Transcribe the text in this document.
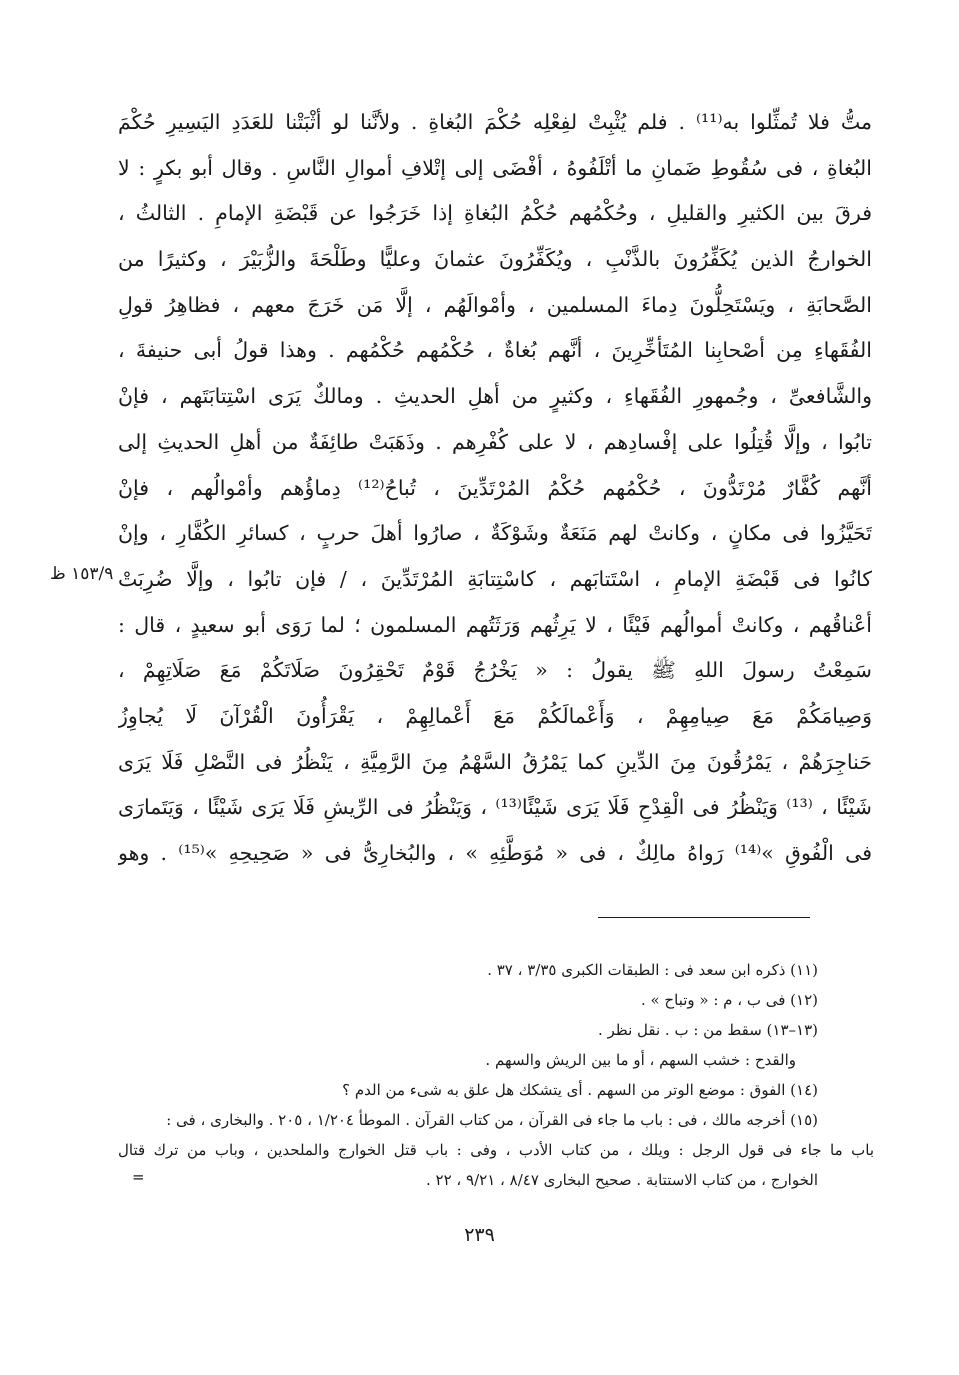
متُّ فلا تُمثِّلوا به⁽¹¹⁾ . فلم يُثْبِتْ لفِعْلِه حُكْمَ البُغاةِ . ولأنَّنا لو أثْبَتْنا للعَدَدِ اليَسِيرِ حُكْمَ
البُغاةِ ، فى سُقُوطِ ضَمانِ ما أتْلَفُوهُ ، أفْضَى إلى إتْلافِ أموالِ النَّاسِ . وقال أبو بكرٍ : لا
فرقَ بين الكثيرِ والقليلِ ، وحُكْمُهم حُكْمُ البُغاةِ إذا خَرَجُوا عن قَبْضَةِ الإمامِ . الثالثُ ،
الخوارجُ الذين يُكَفِّرُونَ بالذَّنْبِ ، ويُكَفِّرُونَ عثمانَ وعليًّا وطَلْحَةَ والزُّبَيْرَ ، وكثيرًا من
الصَّحابَةِ ، ويَسْتَحِلُّونَ دِماءَ المسلمين ، وأمْوالَهُم ، إلَّا مَن خَرَجَ معهم ، فظاهِرُ قولِ
الفُقَهاءِ مِن أصْحابِنا المُتَأخِّرِينَ ، أنَّهم بُغاةٌ ، حُكْمُهم حُكْمُهم . وهذا قولُ أبى حنيفةَ ،
والشَّافعىِّ ، وجُمهورِ الفُقَهاءِ ، وكثيرٍ من أهلِ الحديثِ . ومالكٌ يَرَى اسْتِتابَتَهم ، فإنْ
تابُوا ، وإلَّا قُتِلُوا على إفْسادِهم ، لا على كُفْرِهم . وذَهَبَتْ طائِفَةٌ من أهلِ الحديثِ إلى
أنَّهم كُفَّارٌ مُرْتَدُّونَ ، حُكْمُهم حُكْمُ المُرْتَدِّينَ ، تُباحُ⁽¹²⁾ دِماؤُهم وأمْوالُهم ، فإنْ
تَحَيَّزُوا فى مكانٍ ، وكانتْ لهم مَنَعَةٌ وشَوْكَةٌ ، صارُوا أهلَ حربٍ ، كسائرِ الكُفَّارِ ، وإنْ
كانُوا فى قَبْضَةِ الإمامِ ، اسْتَتابَهم ، كاسْتِتابَةِ المُرْتَدِّينَ ، / فإن تابُوا ، وإلَّا ضُرِبَتْ
أعْناقُهم ، وكانتْ أموالُهم فَيْئًا ، لا يَرِثُهم وَرَثَتُهم المسلمون ؛ لما رَوَى أبو سعيدٍ ، قال :
سَمِعْتُ رسولَ اللهِ ﷺ يقولُ : « يَخْرُجُ قَوْمٌ تَحْقِرُونَ صَلَاتَكُمْ مَعَ صَلَاتِهِمْ ،
وَصِيامَكُمْ مَعَ صِيامِهِمْ ، وَأَعْمالَكُمْ مَعَ أَعْمالِهِمْ ، يَقْرَأُونَ الْقُرْآنَ لَا يُجاوِزُ
حَناجِرَهُمْ ، يَمْرُقُونَ مِنَ الدِّينِ كما يَمْرُقُ السَّهْمُ مِنَ الرَّمِيَّةِ ، يَنْظُرُ فى النَّصْلِ فَلَا يَرَى
شَيْئًا ، ⁽¹³⁾ وَيَنْظُرُ فى الْقِدْحِ فَلَا يَرَى شَيْئًا⁽¹³⁾ ، وَيَنْظُرُ فى الرِّيشِ فَلَا يَرَى شَيْئًا ، وَيَتَمارَى
فى الْفُوقِ »⁽¹⁴⁾ رَواهُ مالِكٌ ، فى « مُوَطَّئِهِ » ، والبُخارِىُّ فى « صَحِيحِهِ »⁽¹⁵⁾ . وهو
١٥٣/٩ ظ
(١١) ذكره ابن سعد فى : الطبقات الكبرى ٣/٣٥ ، ٣٧ .
(١٢) فى ب ، م : « وتباح » .
(١٣–١٣) سقط من : ب . نقل نظر .
والقدح : خشب السهم ، أو ما بين الريش والسهم .
(١٤) الفوق : موضع الوتر من السهم . أى يتشكك هل علق به شىء من الدم ؟
(١٥) أخرجه مالك ، فى : باب ما جاء فى القرآن ، من كتاب القرآن . الموطأ ١/٢٠٤ ، ٢٠٥ . والبخارى ، فى :
باب ما جاء فى قول الرجل : ويلك ، من كتاب الأدب ، وفى : باب قتل الخوارج والملحدين ، وباب من ترك قتال
الخوارج ، من كتاب الاستتابة . صحيح البخارى ٨/٤٧ ، ٩/٢١ ، ٢٢ .
=
٢٣٩
